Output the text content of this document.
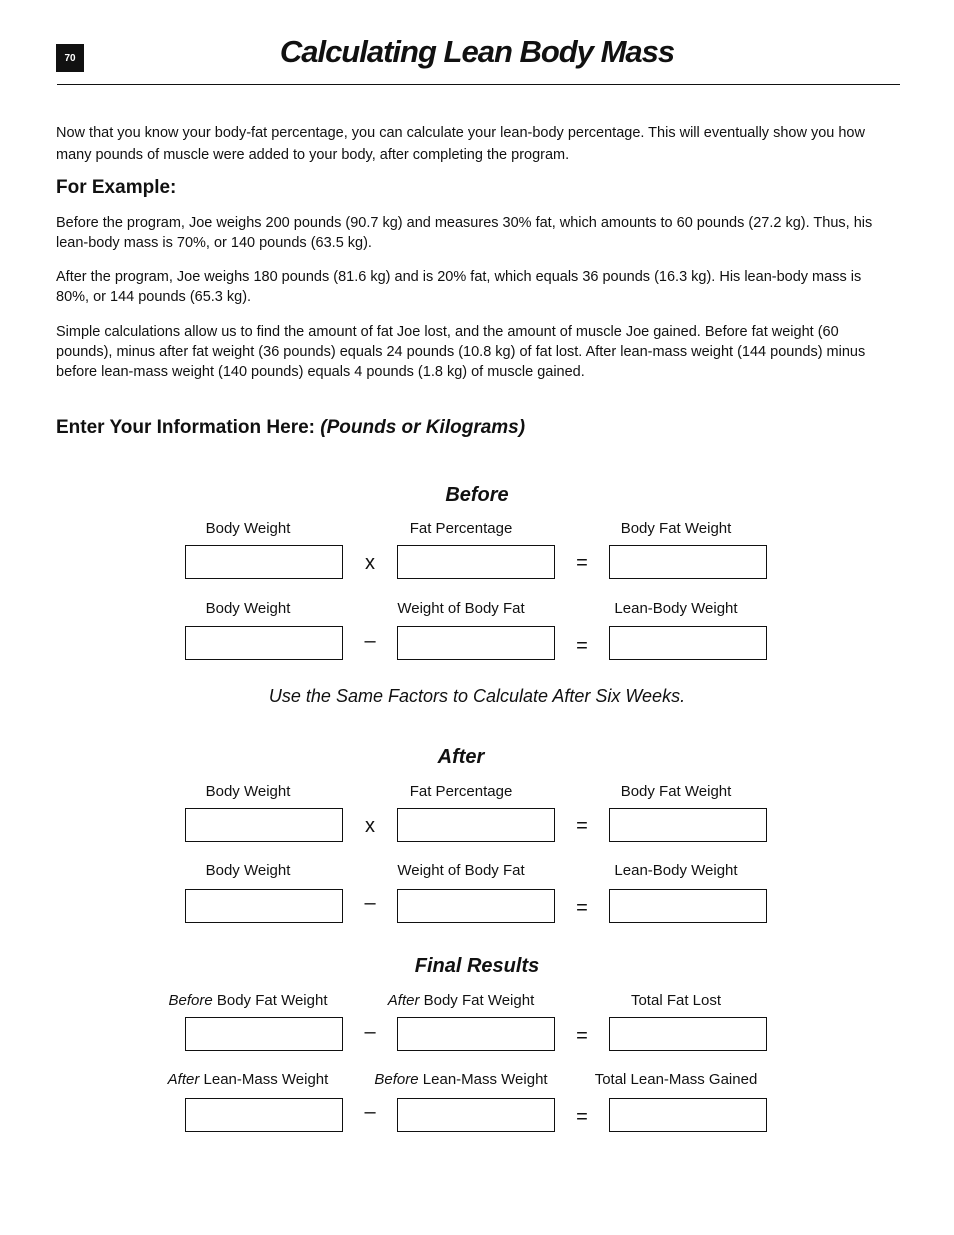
70	Calculating Lean Body Mass

Now that you know your body-fat percentage, you can calculate your lean-body percentage. This will eventually show you how many pounds of muscle were added to your body, after completing the program.

For Example:

Before the program, Joe weighs 200 pounds (90.7 kg) and measures 30% fat, which amounts to 60 pounds (27.2 kg). Thus, his lean-body mass is 70%, or 140 pounds (63.5 kg).

After the program, Joe weighs 180 pounds (81.6 kg) and is 20% fat, which equals 36 pounds (16.3 kg). His lean-body mass is 80%, or 144 pounds (65.3 kg).

Simple calculations allow us to find the amount of fat Joe lost, and the amount of muscle Joe gained. Before fat weight (60 pounds), minus after fat weight (36 pounds) equals 24 pounds (10.8 kg) of fat lost. After lean-mass weight (144 pounds) minus before lean-mass weight (140 pounds) equals 4 pounds (1.8 kg) of muscle gained.

Enter Your Information Here: (Pounds or Kilograms)
Before
Body Weight	Fat Percentage	Body Fat Weight
x	=
Body Weight	Weight of Body Fat	Lean-Body Weight
–	=
Use the Same Factors to Calculate After Six Weeks.
After
Body Weight	Fat Percentage	Body Fat Weight
x	=
Body Weight	Weight of Body Fat	Lean-Body Weight
–	=
Final Results
Before Body Fat Weight	After Body Fat Weight	Total Fat Lost
–	=
After Lean-Mass Weight	Before Lean-Mass Weight	Total Lean-Mass Gained
–	=
